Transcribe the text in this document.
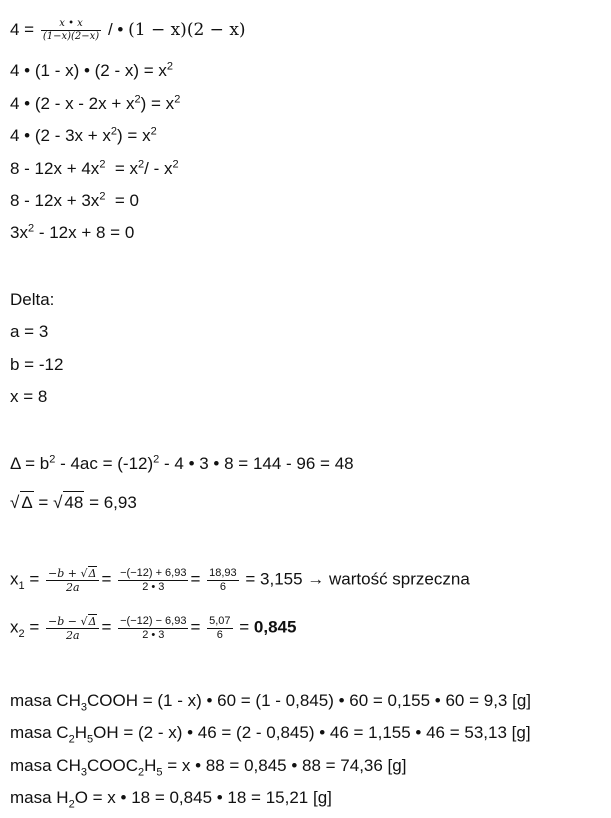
$4 = \frac{x • x}{(1-x)(2-x)}$ / • (1 − x)(2 − x)
4 • (1 - x) • $(2 - x) = x^2$
4 • $(2 - x - 2x + x^2) = x^2$
4 • $(2 - 3x + x^2) = x^2$
$8 - 12x + 4x^2 = x^2/ - x^2$
$8 - 12x + 3x^2 = 0$
$3x^2 - 12x + 8 = 0$
Delta:
a = 3
b = -12
x = 8
$\Delta = b^2 - 4ac = (-12)^2 - 4$ • 3 • 8 = 144 - 96 = 48
√ Δ = √ 48 = 6,93
$x_1 = \frac{-b + √\Delta}{2a} = \frac{-(-12) + 6,93}{2 • 3} = \frac{18,93}{6} = 3,155$ → wartość sprzeczna
$x_2 = \frac{-b - √\Delta}{2a} = \frac{-(-12) - 6,93}{2 • 3} = \frac{5,07}{6} = 0,845$
masa $CH_3COOH = (1 - x)$ • 60 = (1 - 0,845) • 60 = 0,155 • 60 = 9,3 [g]
masa $C_2H_5OH = (2 - x)$ • 46 = (2 - 0,845) • 46 = 1,155 • 46 = 53,13 [g]
masa $CH_3COOC_2H_5 = x$ • 88 = 0,845 • 88 = 74,36 [g]
masa $H_2O = x$ • 18 = 0,845 • 18 = 15,21 [g]
